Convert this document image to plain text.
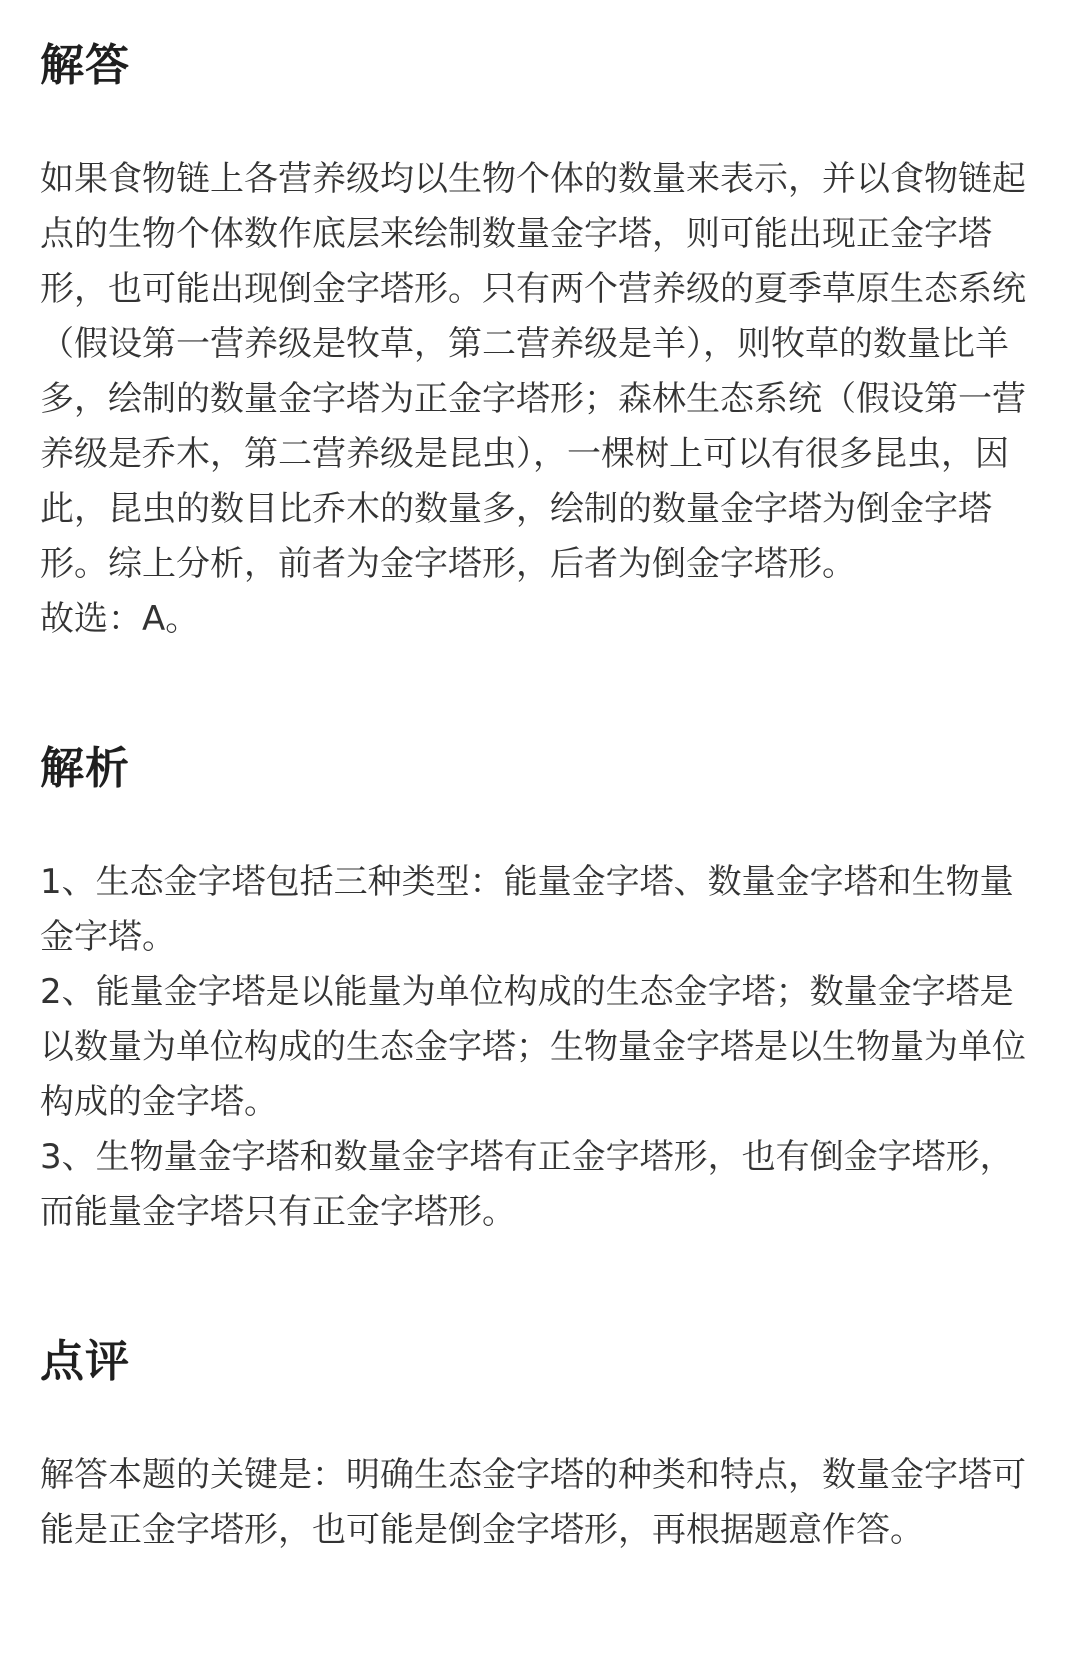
解答

如果食物链上各营养级均以生物个体的数量来表示，并以食物链起点的生物个体数作底层来绘制数量金字塔，则可能出现正金字塔形，也可能出现倒金字塔形。只有两个营养级的夏季草原生态系统（假设第一营养级是牧草，第二营养级是羊），则牧草的数量比羊多，绘制的数量金字塔为正金字塔形；森林生态系统（假设第一营养级是乔木，第二营养级是昆虫），一棵树上可以有很多昆虫，因此，昆虫的数目比乔木的数量多，绘制的数量金字塔为倒金字塔形。综上分析，前者为金字塔形，后者为倒金字塔形。

故选：A。

解析

1、生态金字塔包括三种类型：能量金字塔、数量金字塔和生物量金字塔。

2、能量金字塔是以能量为单位构成的生态金字塔；数量金字塔是以数量为单位构成的生态金字塔；生物量金字塔是以生物量为单位构成的金字塔。

3、生物量金字塔和数量金字塔有正金字塔形，也有倒金字塔形，而能量金字塔只有正金字塔形。

点评

解答本题的关键是：明确生态金字塔的种类和特点，数量金字塔可能是正金字塔形，也可能是倒金字塔形，再根据题意作答。
